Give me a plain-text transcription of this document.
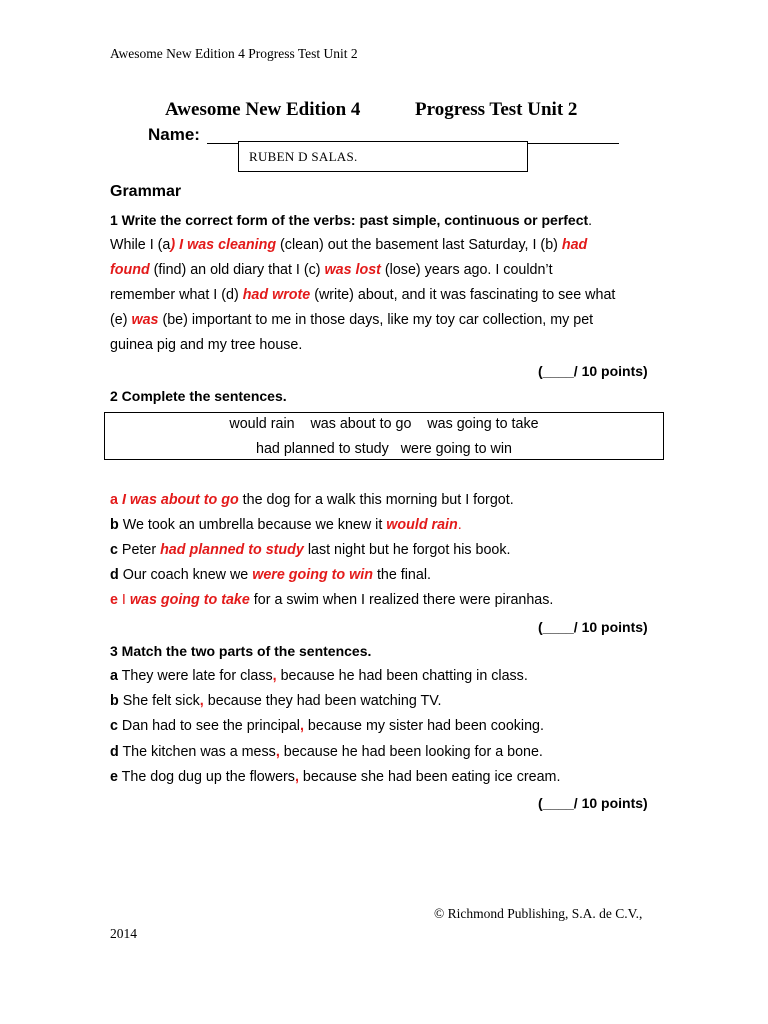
Awesome New Edition 4 Progress Test Unit 2
Awesome New Edition 4	Progress Test Unit 2
Name:
RUBEN D SALAS.
Grammar
1 Write the correct form of the verbs: past simple, continuous or perfect.
While I (a) I was cleaning (clean) out the basement last Saturday, I (b) had
found (find) an old diary that I (c) was lost (lose) years ago. I couldn’t
remember what I (d) had wrote (write) about, and it was fascinating to see what
(e) was (be) important to me in those days, like my toy car collection, my pet
guinea pig and my tree house.
(____/ 10 points)
2 Complete the sentences.
would rain    was about to go    was going to take
had planned to study   were going to win
a I was about to go the dog for a walk this morning but I forgot.
b We took an umbrella because we knew it would rain.
c Peter had planned to study last night but he forgot his book.
d Our coach knew we were going to win the final.
e I was going to take for a swim when I realized there were piranhas.
(____/ 10 points)
3 Match the two parts of the sentences.
a They were late for class, because he had been chatting in class.
b She felt sick, because they had been watching TV.
c Dan had to see the principal, because my sister had been cooking.
d The kitchen was a mess, because he had been looking for a bone.
e The dog dug up the flowers, because she had been eating ice cream.
(____/ 10 points)
© Richmond Publishing, S.A. de C.V.,
2014
